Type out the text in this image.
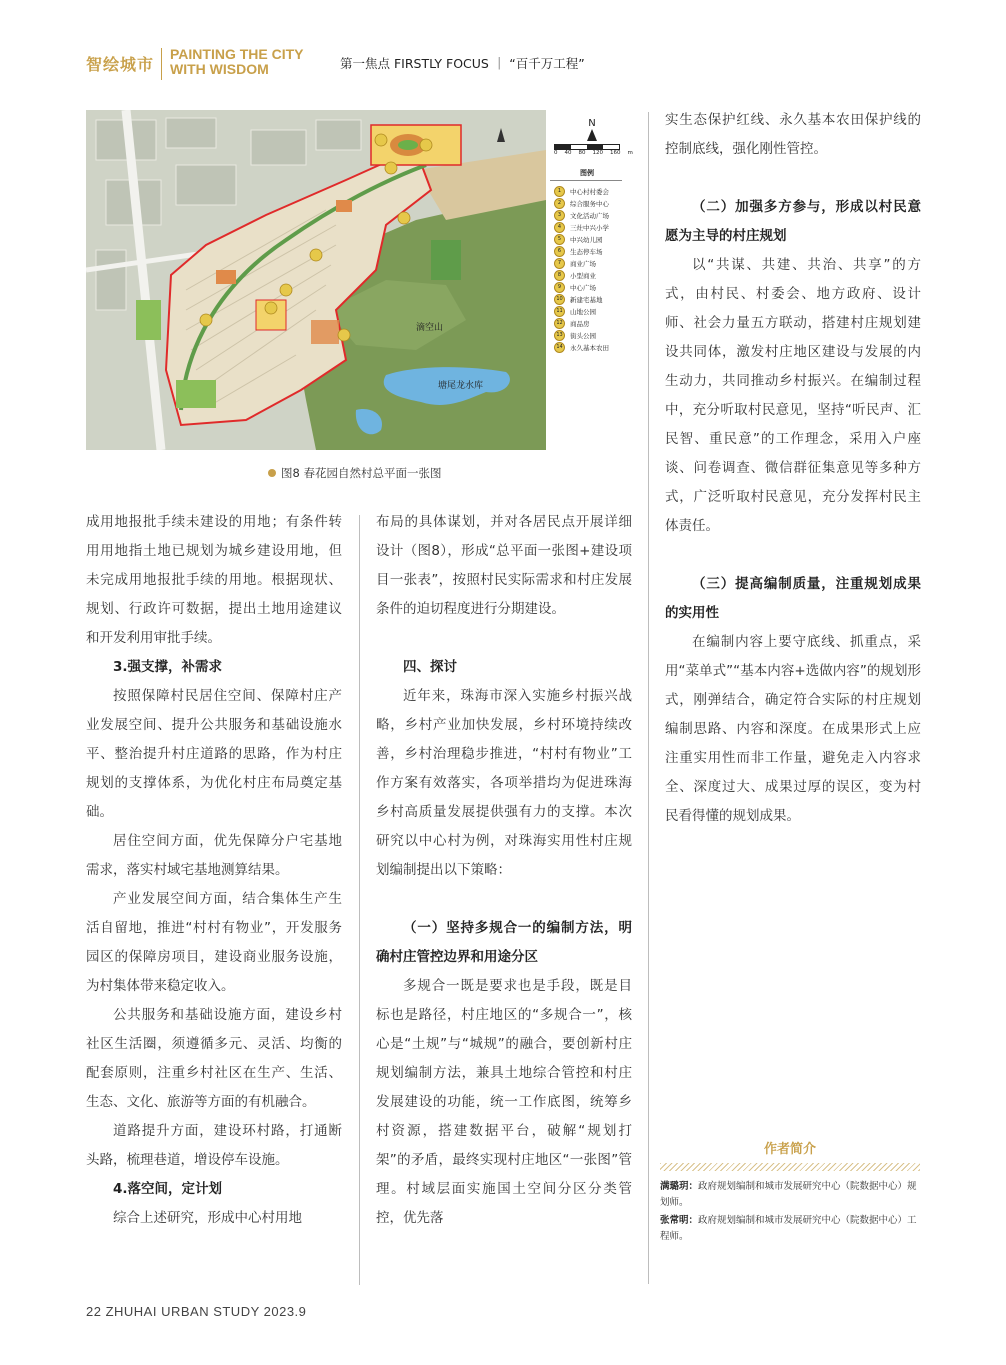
智绘城市
PAINTING THE CITY
WITH WISDOM	第一焦点 FIRSTLY FOCUS ｜ “百千万工程”
滴空山
塘尾龙水库
N
0 40 80 120 160 m
图例
1	中心村村委会
2	综合服务中心
3	文化活动广场
4	三灶中兴小学
5	中兴幼儿园
6	生态停车场
7	商业广场
8	小型商业
9	中心广场
10	新建宅基地
11	山地公园
12	商品房
13	街头公园
14	永久基本农田
图8 春花园自然村总平面一张图

成用地报批手续未建设的用地；有条件转用用地指土地已规划为城乡建设用地，但未完成用地报批手续的用地。根据现状、规划、行政许可数据，提出土地用途建议和开发利用审批手续。

3.强支撑，补需求

按照保障村民居住空间、保障村庄产业发展空间、提升公共服务和基础设施水平、整治提升村庄道路的思路，作为村庄规划的支撑体系，为优化村庄布局奠定基础。

居住空间方面，优先保障分户宅基地需求，落实村域宅基地测算结果。

产业发展空间方面，结合集体生产生活自留地，推进“村村有物业”，开发服务园区的保障房项目，建设商业服务设施，为村集体带来稳定收入。

公共服务和基础设施方面，建设乡村社区生活圈，须遵循多元、灵活、均衡的配套原则，注重乡村社区在生产、生活、生态、文化、旅游等方面的有机融合。

道路提升方面，建设环村路，打通断头路，梳理巷道，增设停车设施。

4.落空间，定计划

综合上述研究，形成中心村用地

布局的具体谋划，并对各居民点开展详细设计（图8），形成“总平面一张图+建设项目一张表”，按照村民实际需求和村庄发展条件的迫切程度进行分期建设。

四、探讨

近年来，珠海市深入实施乡村振兴战略，乡村产业加快发展，乡村环境持续改善，乡村治理稳步推进，“村村有物业”工作方案有效落实，各项举措均为促进珠海乡村高质量发展提供强有力的支撑。本次研究以中心村为例，对珠海实用性村庄规划编制提出以下策略：

（一）坚持多规合一的编制方法，明确村庄管控边界和用途分区

多规合一既是要求也是手段，既是目标也是路径，村庄地区的“多规合一”，核心是“土规”与“城规”的融合，要创新村庄规划编制方法，兼具土地综合管控和村庄发展建设的功能，统一工作底图，统筹乡村资源，搭建数据平台，破解“规划打架”的矛盾，最终实现村庄地区“一张图”管理。村域层面实施国土空间分区分类管控，优先落

实生态保护红线、永久基本农田保护线的控制底线，强化刚性管控。

（二）加强多方参与，形成以村民意愿为主导的村庄规划

以“共谋、共建、共治、共享”的方式，由村民、村委会、地方政府、设计师、社会力量五方联动，搭建村庄规划建设共同体，激发村庄地区建设与发展的内生动力，共同推动乡村振兴。在编制过程中，充分听取村民意见，坚持“听民声、汇民智、重民意”的工作理念，采用入户座谈、问卷调查、微信群征集意见等多种方式，广泛听取村民意见，充分发挥村民主体责任。

（三）提高编制质量，注重规划成果的实用性

在编制内容上要守底线、抓重点，采用“菜单式”“基本内容+选做内容”的规划形式，刚弹结合，确定符合实际的村庄规划编制思路、内容和深度。在成果形式上应注重实用性而非工作量，避免走入内容求全、深度过大、成果过厚的误区，变为村民看得懂的规划成果。

作者简介
满璐玥：政府规划编制和城市发展研究中心（院数据中心）规划师。
张常明：政府规划编制和城市发展研究中心（院数据中心）工程师。
22 ZHUHAI URBAN STUDY 2023.9
